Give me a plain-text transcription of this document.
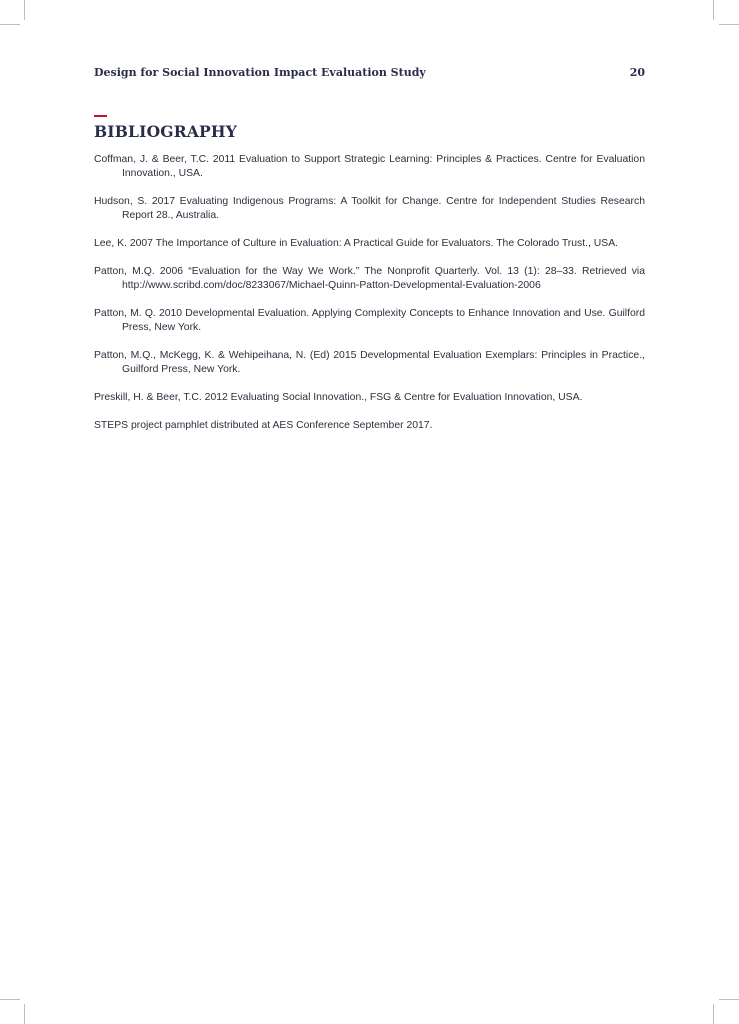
Design for Social Innovation Impact Evaluation Study	20
BIBLIOGRAPHY
Coffman, J. & Beer, T.C. 2011 Evaluation to Support Strategic Learning: Principles & Practices. Centre for Evaluation Innovation., USA.
Hudson, S. 2017 Evaluating Indigenous Programs: A Toolkit for Change. Centre for Independent Studies Research Report 28., Australia.
Lee, K. 2007 The Importance of Culture in Evaluation: A Practical Guide for Evaluators. The Colorado Trust., USA.
Patton, M.Q. 2006 “Evaluation for the Way We Work.” The Nonprofit Quarterly. Vol. 13 (1): 28–33. Retrieved via http://www.scribd.com/doc/8233067/Michael-Quinn-Patton-Developmental-Evaluation-2006
Patton, M. Q. 2010 Developmental Evaluation. Applying Complexity Concepts to Enhance Innovation and Use. Guilford Press, New York.
Patton, M.Q., McKegg, K. & Wehipeihana, N. (Ed) 2015 Developmental Evaluation Exemplars: Principles in Practice., Guilford Press, New York.
Preskill, H. & Beer, T.C. 2012 Evaluating Social Innovation., FSG & Centre for Evaluation Innovation, USA.
STEPS project pamphlet distributed at AES Conference September 2017.
